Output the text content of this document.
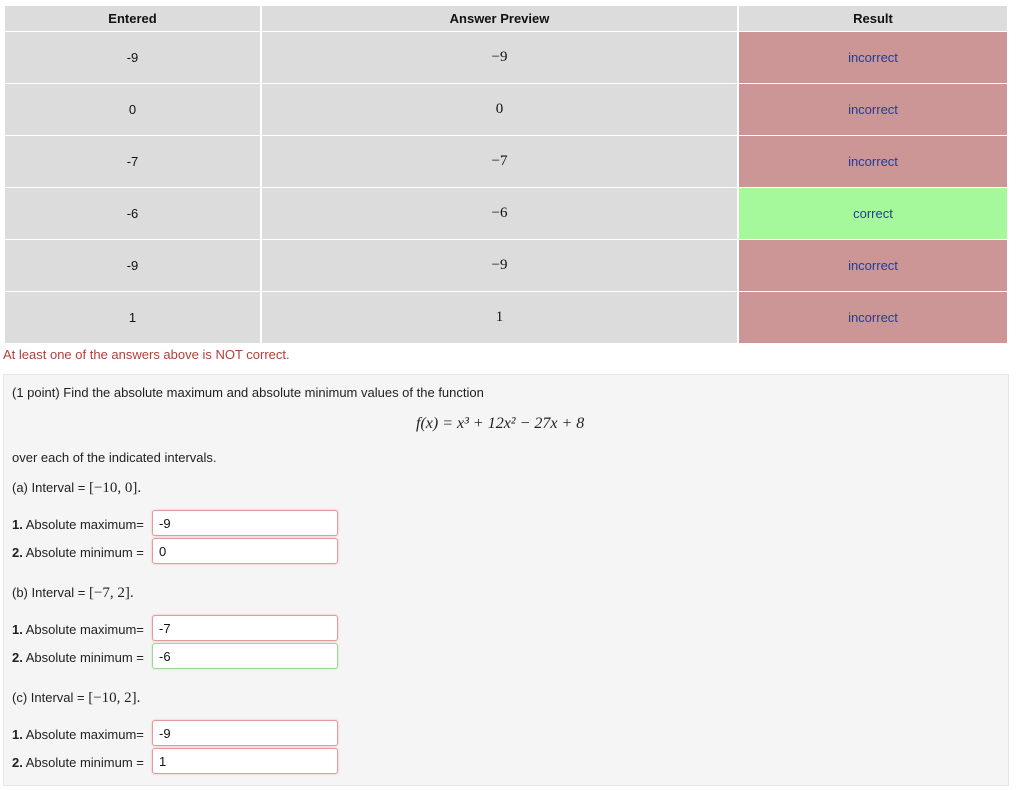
Entered	Answer Preview	Result
-9	−9	incorrect
0	0	incorrect
-7	−7	incorrect
-6	−6	correct
-9	−9	incorrect
1	1	incorrect
At least one of the answers above is NOT correct.
(1 point) Find the absolute maximum and absolute minimum values of the function
f(x) = x³ + 12x² − 27x + 8
over each of the indicated intervals.
(a) Interval = [−10, 0].
1. Absolute maximum=
-9
2. Absolute minimum =
0
(b) Interval = [−7, 2].
1. Absolute maximum=
-7
2. Absolute minimum =
-6
(c) Interval = [−10, 2].
1. Absolute maximum=
-9
2. Absolute minimum =
1
